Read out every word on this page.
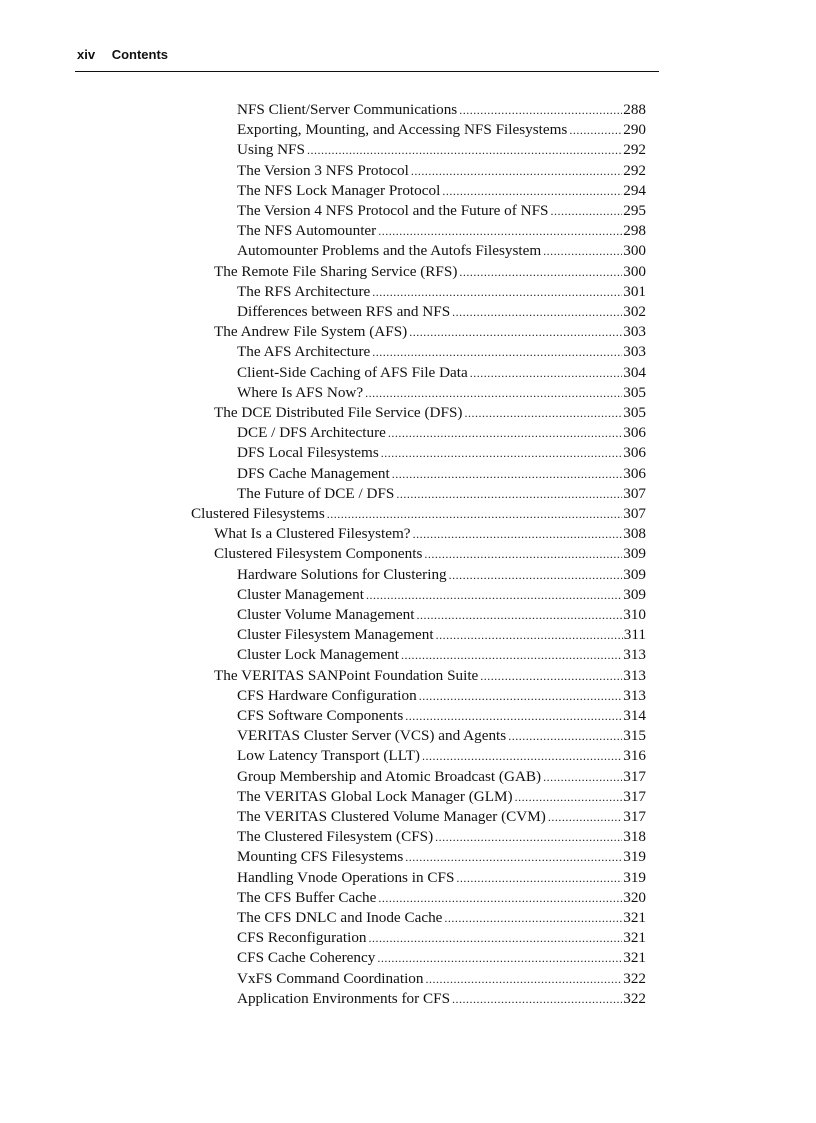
xiv Contents
NFS Client/Server Communications .....	288
Exporting, Mounting, and Accessing NFS Filesystems .....	290
Using NFS .....	292
The Version 3 NFS Protocol .....	292
The NFS Lock Manager Protocol .....	294
The Version 4 NFS Protocol and the Future of NFS .....	295
The NFS Automounter .....	298
Automounter Problems and the Autofs Filesystem .....	300
The Remote File Sharing Service (RFS) .....	300
The RFS Architecture .....	301
Differences between RFS and NFS .....	302
The Andrew File System (AFS) .....	303
The AFS Architecture .....	303
Client-Side Caching of AFS File Data .....	304
Where Is AFS Now? .....	305
The DCE Distributed File Service (DFS) .....	305
DCE / DFS Architecture .....	306
DFS Local Filesystems .....	306
DFS Cache Management .....	306
The Future of DCE / DFS .....	307
Clustered Filesystems .....	307
What Is a Clustered Filesystem? .....	308
Clustered Filesystem Components .....	309
Hardware Solutions for Clustering .....	309
Cluster Management .....	309
Cluster Volume Management .....	310
Cluster Filesystem Management .....	311
Cluster Lock Management .....	313
The VERITAS SANPoint Foundation Suite .....	313
CFS Hardware Configuration .....	313
CFS Software Components .....	314
VERITAS Cluster Server (VCS) and Agents .....	315
Low Latency Transport (LLT) .....	316
Group Membership and Atomic Broadcast (GAB) .....	317
The VERITAS Global Lock Manager (GLM) .....	317
The VERITAS Clustered Volume Manager (CVM) .....	317
The Clustered Filesystem (CFS) .....	318
Mounting CFS Filesystems .....	319
Handling Vnode Operations in CFS .....	319
The CFS Buffer Cache .....	320
The CFS DNLC and Inode Cache .....	321
CFS Reconfiguration .....	321
CFS Cache Coherency .....	321
VxFS Command Coordination .....	322
Application Environments for CFS .....	322
